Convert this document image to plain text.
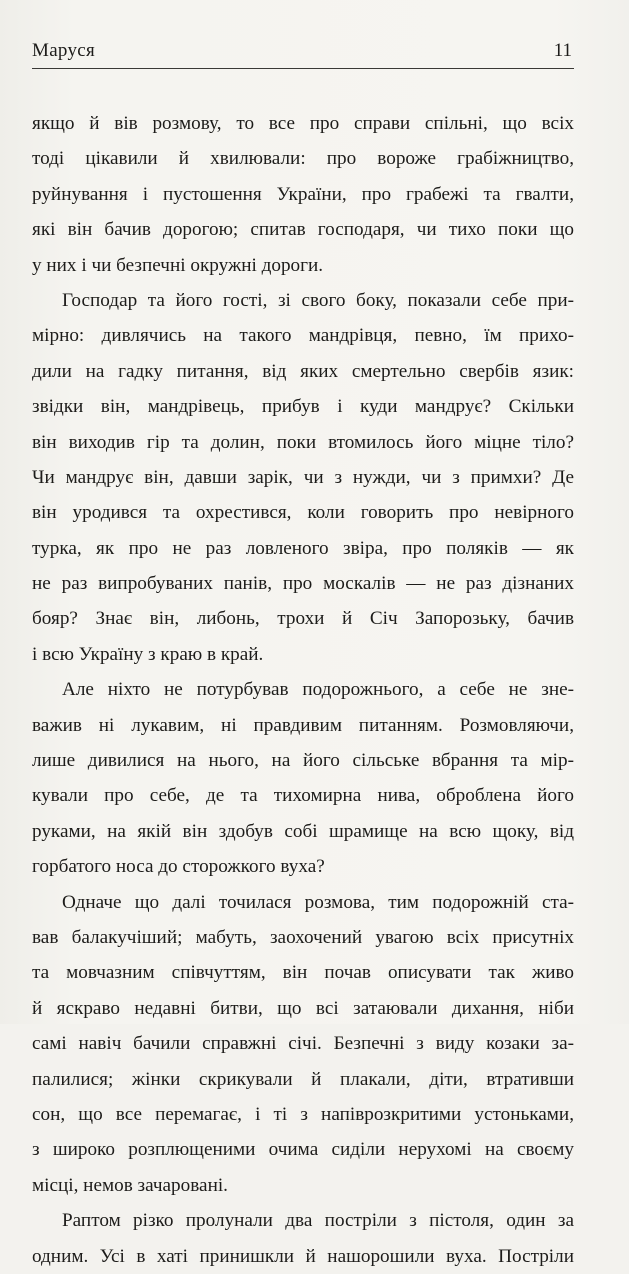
Маруся	11
якщо й вів розмову, то все про справи спільні, що всіх
тоді цікавили й хвилювали: про вороже грабіжництво,
руйнування і пустошення України, про грабежі та гвалти,
які він бачив дорогою; спитав господаря, чи тихо поки що
у них і чи безпечні окружні дороги.
Господар та його гості, зі свого боку, показали себе при-
мірно: дивлячись на такого мандрівця, певно, їм прихо-
дили на гадку питання, від яких смертельно свербів язик:
звідки він, мандрівець, прибув і куди мандрує? Скільки
він виходив гір та долин, поки втомилось його міцне тіло?
Чи мандрує він, давши зарік, чи з нужди, чи з примхи? Де
він уродився та охрестився, коли говорить про невірного
турка, як про не раз ловленого звіра, про поляків — як
не раз випробуваних панів, про москалів — не раз дізнаних
бояр? Знає він, либонь, трохи й Січ Запорозьку, бачив
і всю Україну з краю в край.
Але ніхто не потурбував подорожнього, а себе не зне-
важив ні лукавим, ні правдивим питанням. Розмовляючи,
лише дивилися на нього, на його сільське вбрання та мір-
кували про себе, де та тихомирна нива, оброблена його
руками, на якій він здобув собі шрамище на всю щоку, від
горбатого носа до сторожкого вуха?
Одначе що далі точилася розмова, тим подорожній ста-
вав балакучіший; мабуть, заохочений увагою всіх присутніх
та мовчазним співчуттям, він почав описувати так живо
й яскраво недавні битви, що всі затаювали дихання, ніби
самі навіч бачили справжні січі. Безпечні з виду козаки за-
палилися; жінки скрикували й плакали, діти, втративши
сон, що все перемагає, і ті з напіврозкритими устоньками,
з широко розплющеними очима сиділи нерухомі на своєму
місці, немов зачаровані.
Раптом різко пролунали два постріли з пістоля, один за
одним. Усі в хаті принишкли й нашорошили вуха. Постріли
